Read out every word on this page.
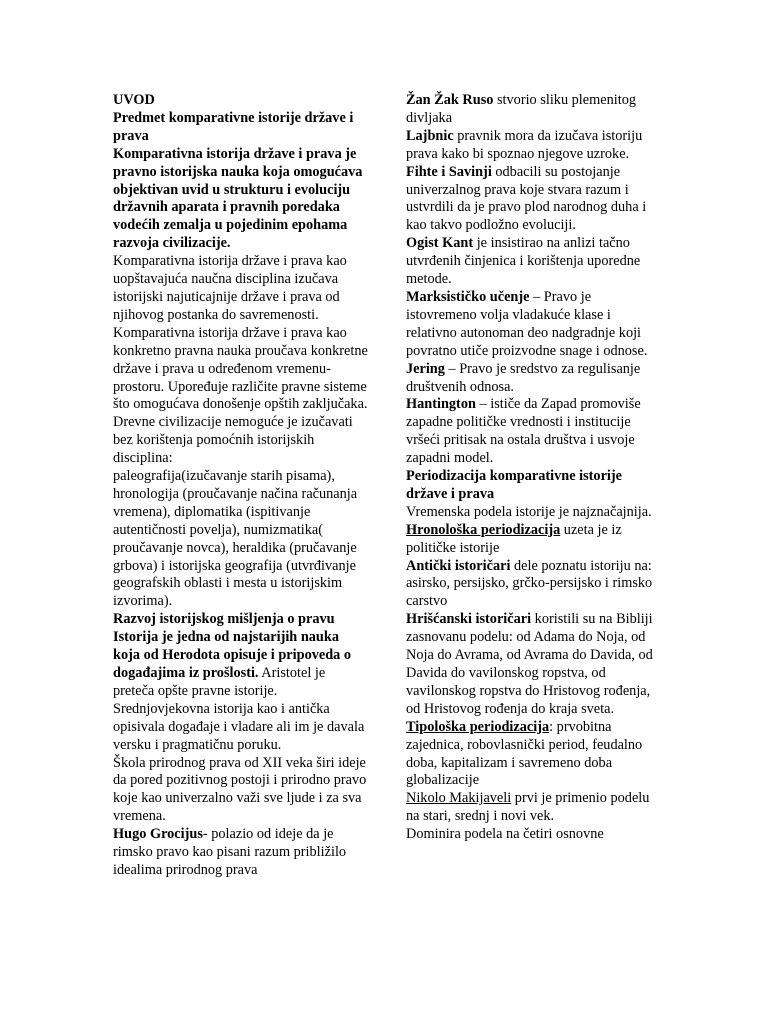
UVOD

Predmet komparativne istorije države i prava

Komparativna istorija države i prava je pravno istorijska nauka koja omogućava objektivan uvid u strukturu i evoluciju državnih aparata i pravnih poredaka vodećih zemalja u pojedinim epohama razvoja civilizacije.

Komparativna istorija države i prava kao uopštavajuća naučna disciplina izučava istorijski najuticajnije države i prava od njihovog postanka do savremenosti.

Komparativna istorija države i prava kao konkretno pravna nauka proučava konkretne države i prava u određenom vremenu-prostoru. Upoređuje različite pravne sisteme što omogućava donošenje opštih zaključaka.

Drevne civilizacije nemoguće je izučavati bez korištenja pomoćnih istorijskih disciplina:

paleografija(izučavanje starih pisama), hronologija (proučavanje načina računanja vremena), diplomatika (ispitivanje autentičnosti povelja), numizmatika( proučavanje novca), heraldika (pručavanje grbova) i istorijska geografija (utvrđivanje geografskih oblasti i mesta u istorijskim izvorima).

Razvoj istorijskog mišljenja o pravu

Istorija je jedna od najstarijih nauka koja od Herodota opisuje i pripoveda o događajima iz prošlosti. Aristotel je preteča opšte pravne istorije.

Srednjovjekovna istorija kao i antička opisivala događaje i vladare ali im je davala versku i pragmatičnu poruku.

Škola prirodnog prava od XII veka širi ideje da pored pozitivnog postoji i prirodno pravo koje kao univerzalno važi sve ljude i za sva vremena.

Hugo Grocijus- polazio od ideje da je rimsko pravo kao pisani razum približilo idealima prirodnog prava

Žan Žak Ruso stvorio sliku plemenitog divljaka

Lajbnic pravnik mora da izučava istoriju prava kako bi spoznao njegove uzroke.

Fihte i Savinji odbacili su postojanje univerzalnog prava koje stvara razum i ustvrdili da je pravo plod narodnog duha i kao takvo podložno evoluciji.

Ogist Kant je insistirao na anlizi tačno utvrđenih činjenica i korištenja uporedne metode.

Marksističko učenje – Pravo je istovremeno volja vladakuće klase i relativno autonoman deo nadgradnje koji povratno utiče proizvodne snage i odnose.

Jering – Pravo je sredstvo za regulisanje društvenih odnosa.

Hantington – ističe da Zapad promoviše zapadne političke vrednosti i institucije vršeći pritisak na ostala društva i usvoje zapadni model.

Periodizacija komparativne istorije države i prava

Vremenska podela istorije je najznačajnija.

Hronološka periodizacija uzeta je iz političke istorije

Antički istoričari dele poznatu istoriju na: asirsko, persijsko, grčko-persijsko i rimsko carstvo

Hrišćanski istoričari koristili su na Bibliji zasnovanu podelu: od Adama do Noja, od Noja do Avrama, od Avrama do Davida, od Davida do vavilonskog ropstva, od vavilonskog ropstva do Hristovog rođenja, od Hristovog rođenja do kraja sveta.

Tipološka periodizacija: prvobitna zajednica, robovlasnički period, feudalno doba, kapitalizam i savremeno doba globalizacije

Nikolo Makijaveli prvi je primenio podelu na stari, srednj i novi vek.

Dominira podela na četiri osnovne
